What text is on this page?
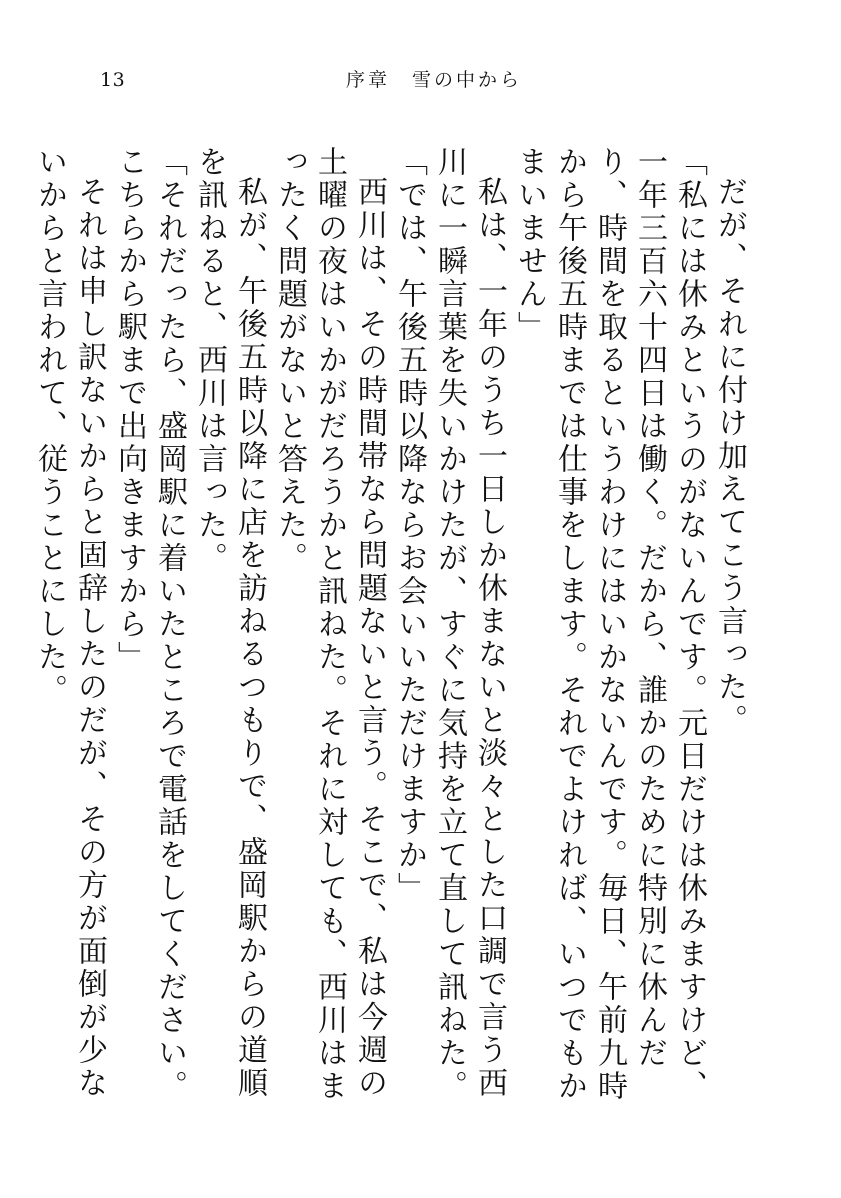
13	序章　雪の中から

だが、それに付け加えてこう言った。

「私には休みというのがないんです。元日だけは休みますけど、一年三百六十四日は働く。だから、誰かのために特別に休んだり、時間を取るというわけにはいかないんです。毎日、午前九時から午後五時までは仕事をします。それでよければ、いつでもかまいません」

私は、一年のうち一日しか休まないと淡々とした口調で言う西川に一瞬言葉を失いかけたが、すぐに気持を立て直して訊ねた。

「では、午後五時以降ならお会いいただけますか」

西川は、その時間帯なら問題ないと言う。そこで、私は今週の土曜の夜はいかがだろうかと訊ねた。それに対しても、西川はまったく問題がないと答えた。

私が、午後五時以降に店を訪ねるつもりで、盛岡駅からの道順を訊ねると、西川は言った。

「それだったら、盛岡駅に着いたところで電話をしてください。こちらから駅まで出向きますから」

それは申し訳ないからと固辞したのだが、その方が面倒が少ないからと言われて、従うことにした。
